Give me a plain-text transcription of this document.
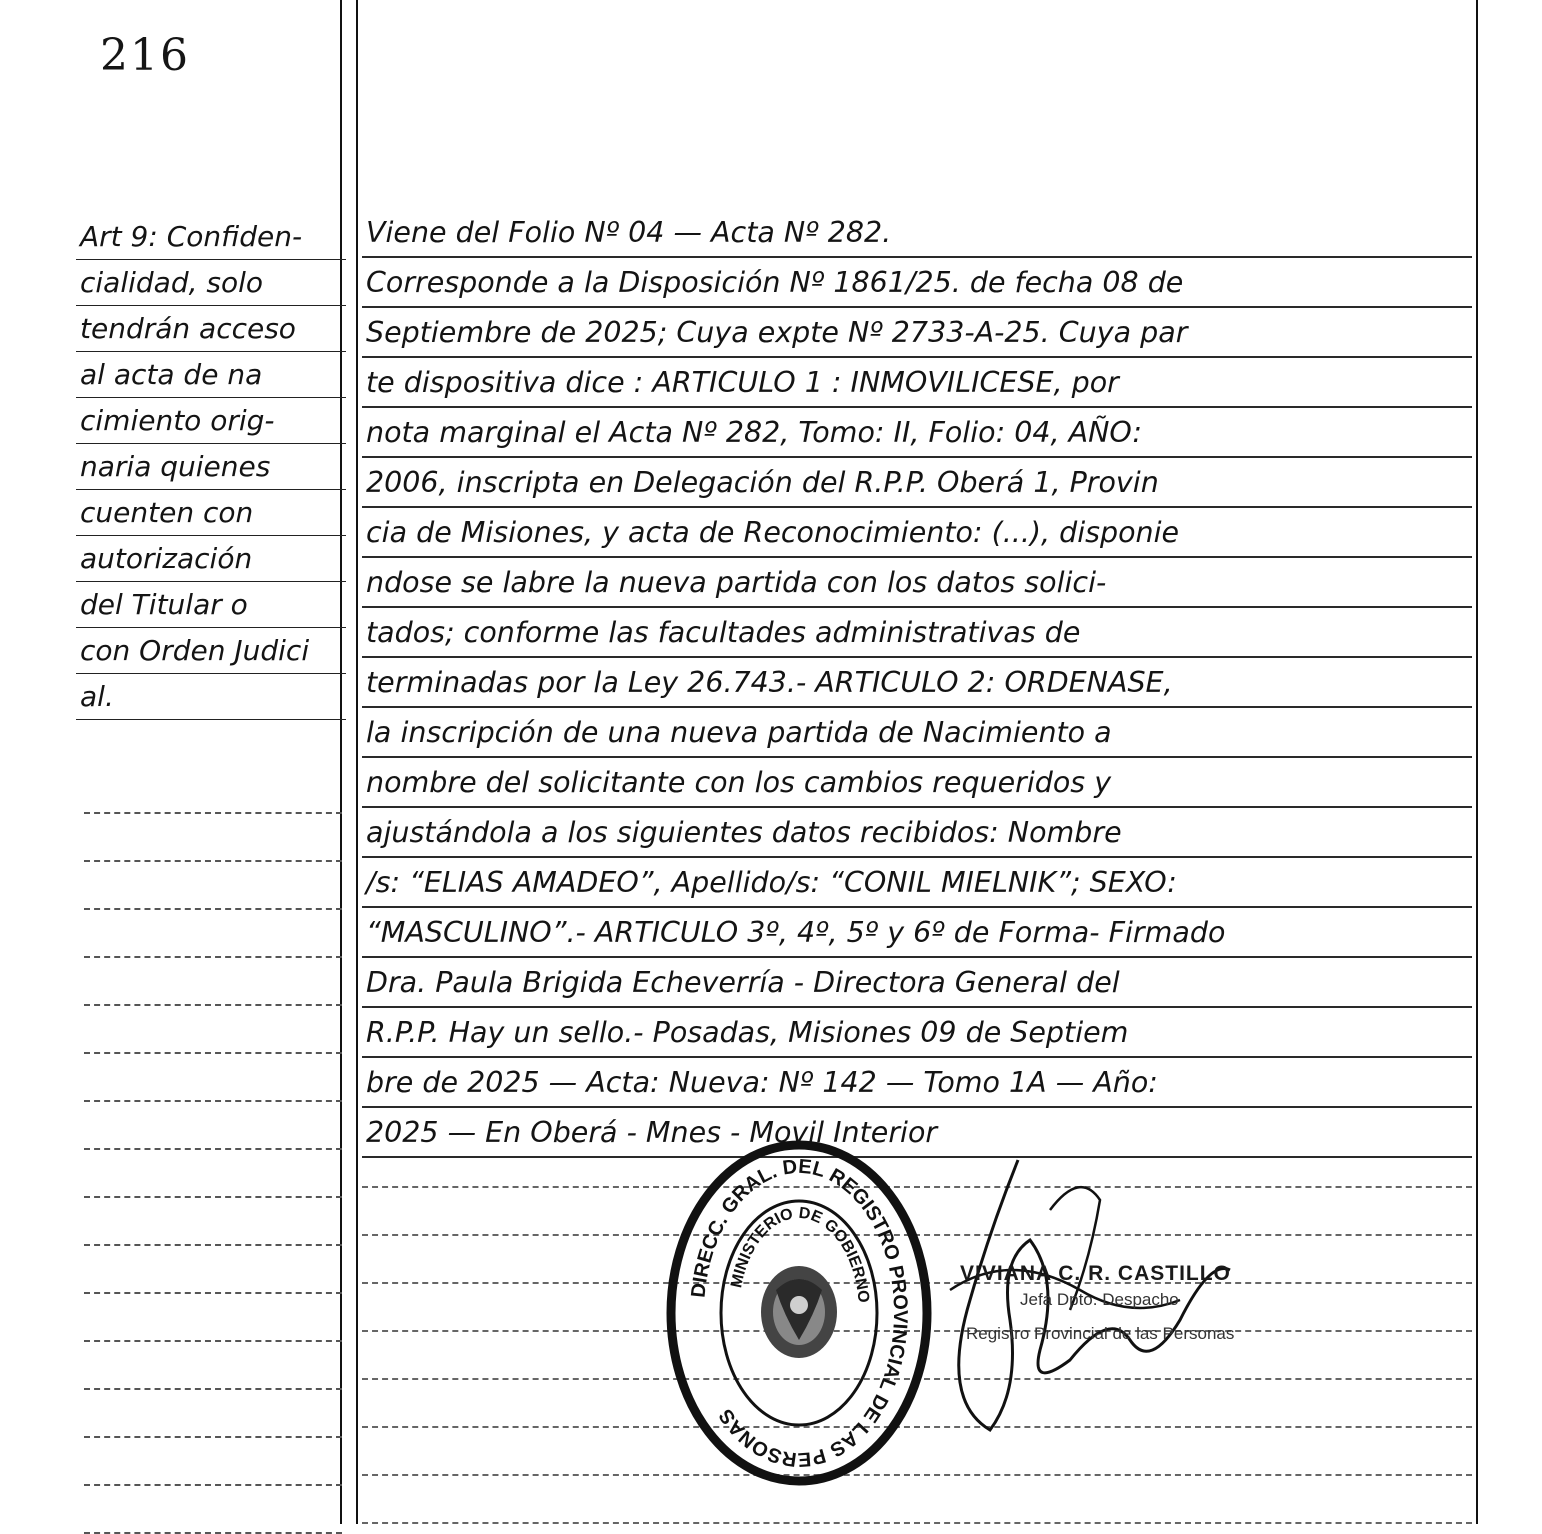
216
Art 9: Confiden-
cialidad, solo
tendrán acceso
al acta de na
cimiento orig-
naria quienes
cuenten con
autorización
del Titular o
con Orden Judici
al.
Viene del Folio Nº 04 — Acta Nº 282.
Corresponde a la Disposición Nº 1861/25. de fecha 08 de
Septiembre de 2025; Cuya expte Nº 2733-A-25. Cuya par
te dispositiva dice : ARTICULO 1 : INMOVILICESE, por
nota marginal el Acta Nº 282, Tomo: II, Folio: 04, AÑO:
2006, inscripta en Delegación del R.P.P. Oberá 1, Provin
cia de Misiones, y acta de Reconocimiento: (...), disponie
ndose se labre la nueva partida con los datos solici-
tados; conforme las facultades administrativas de
terminadas por la Ley 26.743.- ARTICULO 2: ORDENASE,
la inscripción de una nueva partida de Nacimiento a
nombre del solicitante con los cambios requeridos y
ajustándola a los siguientes datos recibidos: Nombre
/s: “ELIAS AMADEO”, Apellido/s: “CONIL MIELNIK”; SEXO:
“MASCULINO”.- ARTICULO 3º, 4º, 5º y 6º de Forma- Firmado
Dra. Paula Brigida Echeverría - Directora General del
R.P.P. Hay un sello.- Posadas, Misiones 09 de Septiem
bre de 2025 — Acta: Nueva: Nº 142 — Tomo 1A — Año:
2025 — En Oberá - Mnes - Movil Interior
DIRECC. GRAL. DEL REGISTRO PROVINCIAL DE LAS PERSONAS
MINISTERIO DE GOBIERNO
VIVIANA C. R. CASTILLO
Jefa Dpto. Despacho
Registro Provincial de las Personas
